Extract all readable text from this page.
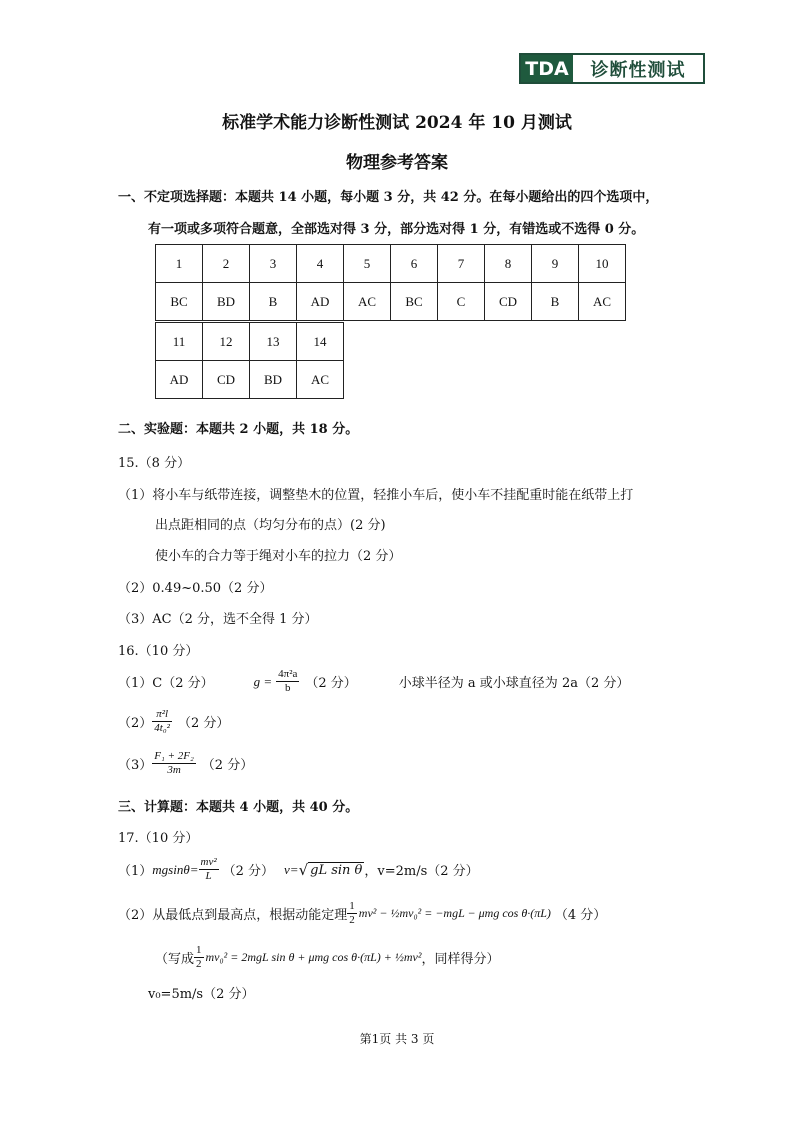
TDA	诊断性测试
标准学术能力诊断性测试 2024 年 10 月测试
物理参考答案
一、不定项选择题：本题共 14 小题，每小题 3 分，共 42 分。在每小题给出的四个选项中，
有一项或多项符合题意，全部选对得 3 分，部分选对得 1 分，有错选或不选得 0 分。
1	2	3	4	5	6	7	8	9	10
BC	BD	B	AD	AC	BC	C	CD	B	AC
11	12	13	14
AD	CD	BD	AC
二、实验题：本题共 2 小题，共 18 分。
15.（8 分）
（1）将小车与纸带连接，调整垫木的位置，轻推小车后，使小车不挂配重时能在纸带上打
出点距相同的点（均匀分布的点）(2 分)
使小车的合力等于绳对小车的拉力（2 分）
（2）0.49~0.50（2 分）
（3）AC（2 分，选不全得 1 分）
16.（10 分）
（1）C（2 分）	$g = \frac{\text{4π²a}}{b} (2$ 分）	小球半径为 a 或小球直径为 2a（2 分）
$(2) \frac{\text{π²l}}{\text{4t₀²}} (2$ 分）
$(3) \frac{\text{F₁ + 2F₂}}{3m} (2$ 分）
三、计算题：本题共 4 小题，共 40 分。
17.（10 分）
（1） $mgsin\theta= \frac{\text{mv²}}{L} (2$ 分） v= √ gL sin θ ，v=2m/s（2 分）
（2）从最低点到最高点，根据动能定理 $\frac{1}{2} mv^2$ − ½mv₀² = −mgL − μmg cos θ·(πL) （4 分）
（写成 $\frac{1}{2} mv_0^2 = 2mgL$ sin θ + μmg cos θ·(πL) + ½mv² ，同样得分）
v₀=5m/s（2 分）
第1页 共 3 页
